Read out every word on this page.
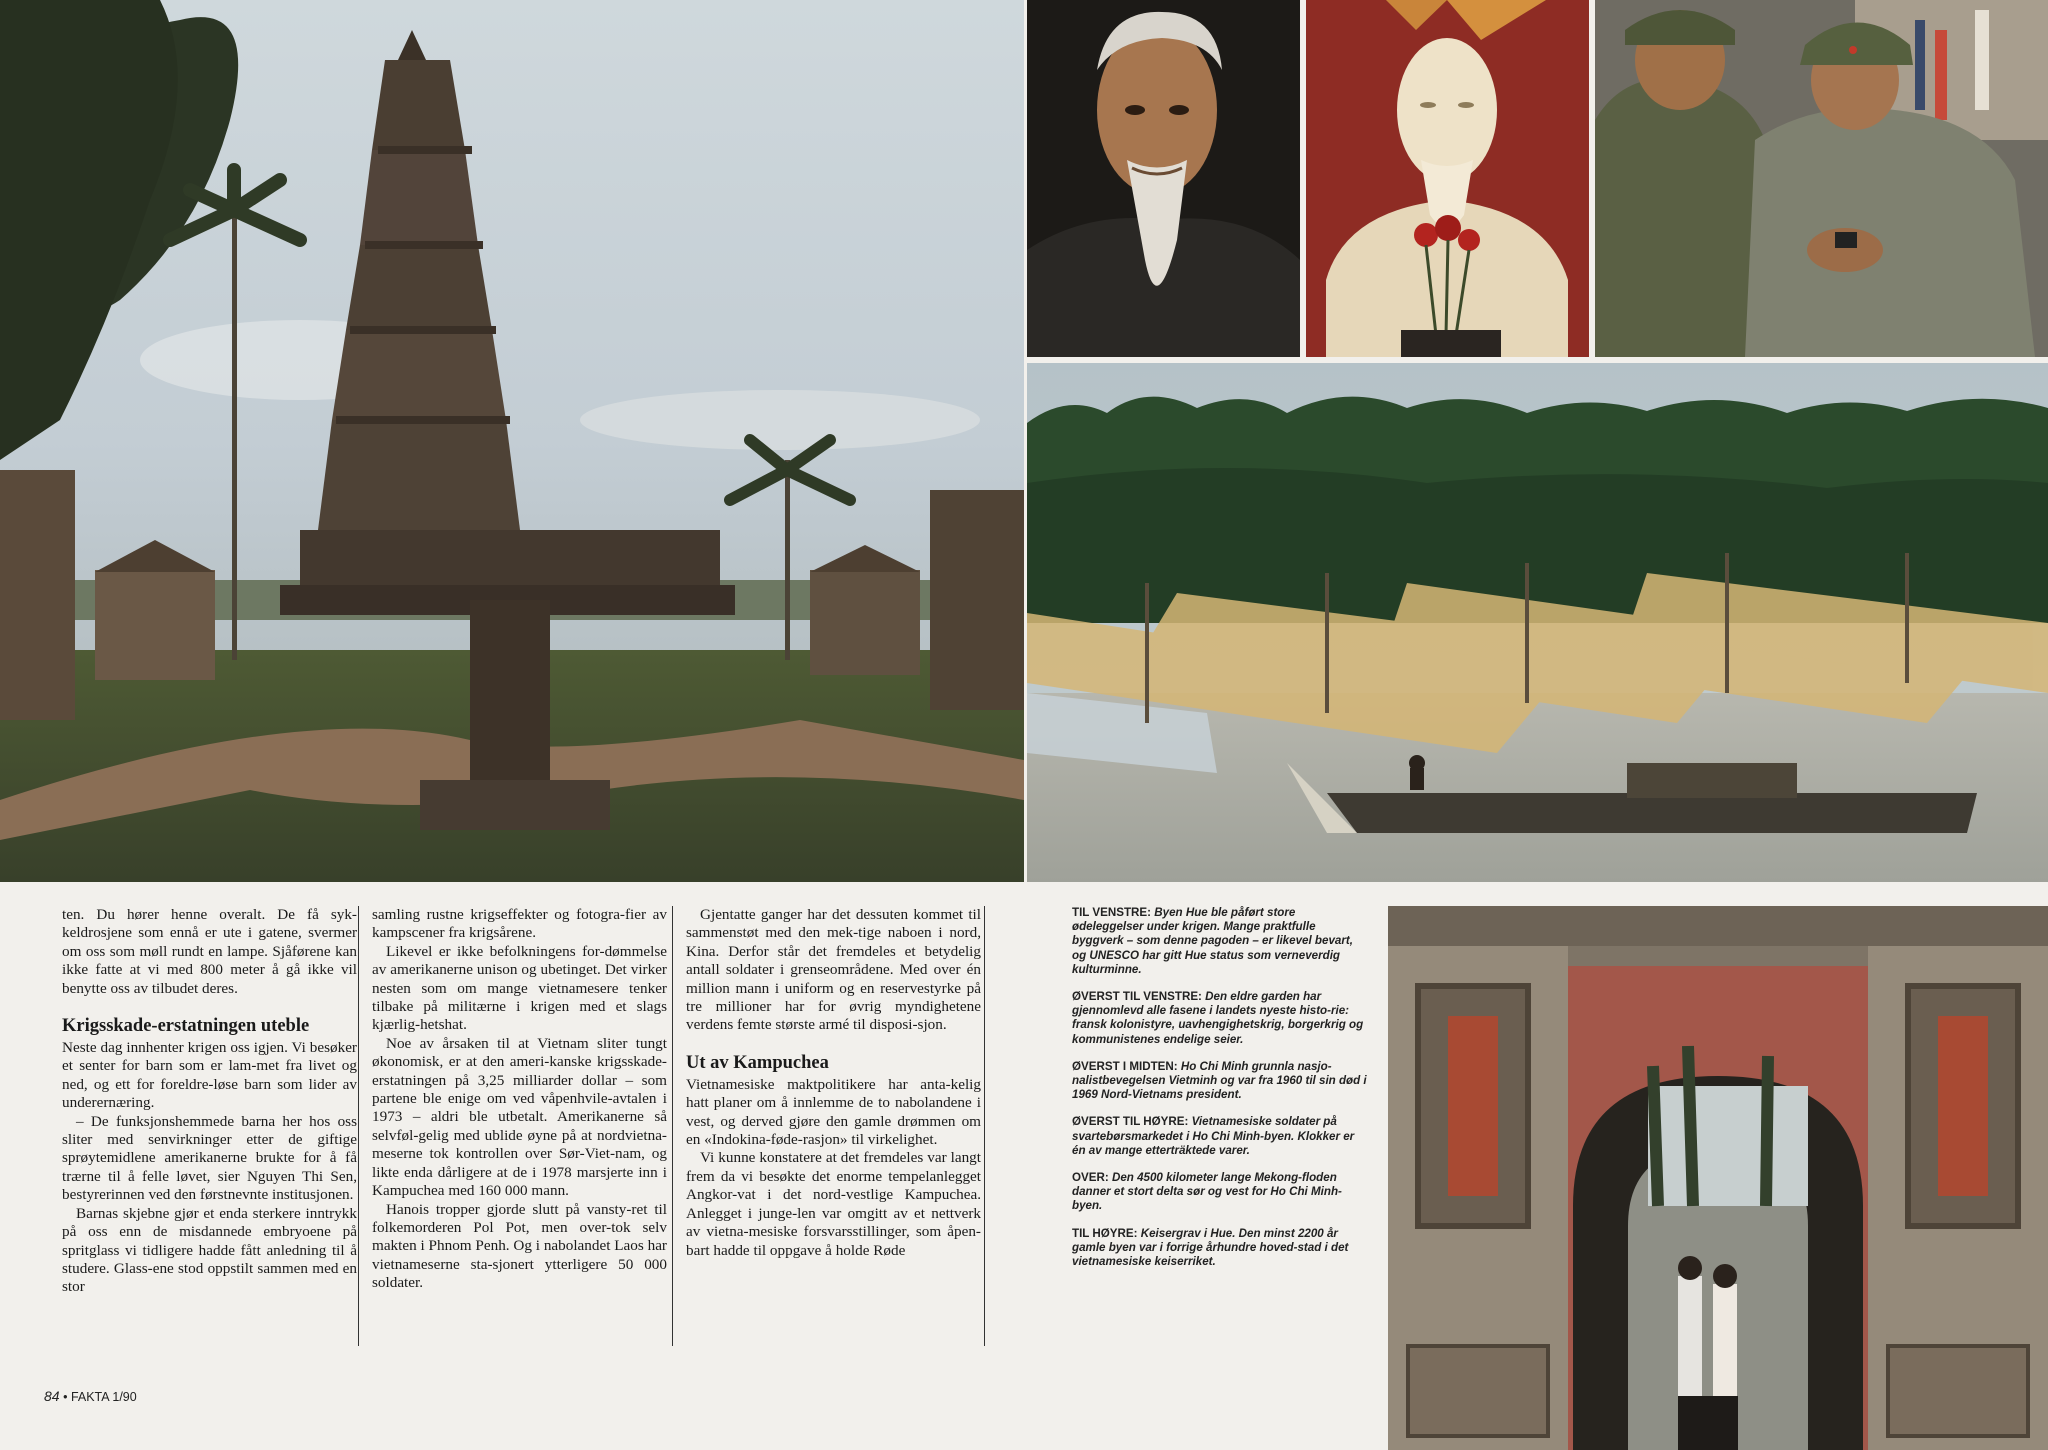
ten. Du hører henne overalt. De få syk-keldrosjene som ennå er ute i gatene, svermer om oss som møll rundt en lampe. Sjåførene kan ikke fatte at vi med 800 meter å gå ikke vil benytte oss av tilbudet deres.

Krigsskade-erstatningen uteble

Neste dag innhenter krigen oss igjen. Vi besøker et senter for barn som er lam-met fra livet og ned, og ett for foreldre-løse barn som lider av underernæring.

– De funksjonshemmede barna her hos oss sliter med senvirkninger etter de giftige sprøytemidlene amerikanerne brukte for å få trærne til å felle løvet, sier Nguyen Thi Sen, bestyrerinnen ved den førstnevnte institusjonen.

Barnas skjebne gjør et enda sterkere inntrykk på oss enn de misdannede embryoene på spritglass vi tidligere hadde fått anledning til å studere. Glass-ene stod oppstilt sammen med en stor

samling rustne krigseffekter og fotogra-fier av kampscener fra krigsårene.

Likevel er ikke befolkningens for-dømmelse av amerikanerne unison og ubetinget. Det virker nesten som om mange vietnamesere tenker tilbake på militærne i krigen med et slags kjærlig-hetshat.

Noe av årsaken til at Vietnam sliter tungt økonomisk, er at den ameri-kanske krigsskade-erstatningen på 3,25 milliarder dollar – som partene ble enige om ved våpenhvile-avtalen i 1973 – aldri ble utbetalt. Amerikanerne så selvføl-gelig med ublide øyne på at nordvietna-meserne tok kontrollen over Sør-Viet-nam, og likte enda dårligere at de i 1978 marsjerte inn i Kampuchea med 160 000 mann.

Hanois tropper gjorde slutt på vansty-ret til folkemorderen Pol Pot, men over-tok selv makten i Phnom Penh. Og i nabolandet Laos har vietnameserne sta-sjonert ytterligere 50 000 soldater.

Gjentatte ganger har det dessuten kommet til sammenstøt med den mek-tige naboen i nord, Kina. Derfor står det fremdeles et betydelig antall soldater i grenseområdene. Med over én million mann i uniform og en reservestyrke på tre millioner har for øvrig myndighetene verdens femte største armé til disposi-sjon.

Ut av Kampuchea

Vietnamesiske maktpolitikere har anta-kelig hatt planer om å innlemme de to nabolandene i vest, og derved gjøre den gamle drømmen om en «Indokina-føde-rasjon» til virkelighet.

Vi kunne konstatere at det fremdeles var langt frem da vi besøkte det enorme tempelanlegget Angkor-vat i det nord-vestlige Kampuchea. Anlegget i junge-len var omgitt av et nettverk av vietna-mesiske forsvarsstillinger, som åpen-bart hadde til oppgave å holde Røde

TIL VENSTRE: Byen Hue ble påført store ødeleggelser under krigen. Mange praktfulle byggverk – som denne pagoden – er likevel bevart, og UNESCO har gitt Hue status som verneverdig kulturminne.

ØVERST TIL VENSTRE: Den eldre garden har gjennomlevd alle fasene i landets nyeste histo-rie: fransk kolonistyre, uavhengighetskrig, borgerkrig og kommunistenes endelige seier.

ØVERST I MIDTEN: Ho Chi Minh grunnla nasjo-nalistbevegelsen Vietminh og var fra 1960 til sin død i 1969 Nord-Vietnams president.

ØVERST TIL HØYRE: Vietnamesiske soldater på svartebørsmarkedet i Ho Chi Minh-byen. Klokker er én av mange etterträktede varer.

OVER: Den 4500 kilometer lange Mekong-floden danner et stort delta sør og vest for Ho Chi Minh-byen.

TIL HØYRE: Keisergrav i Hue. Den minst 2200 år gamle byen var i forrige århundre hoved-stad i det vietnamesiske keiserriket.

84 • FAKTA 1/90
